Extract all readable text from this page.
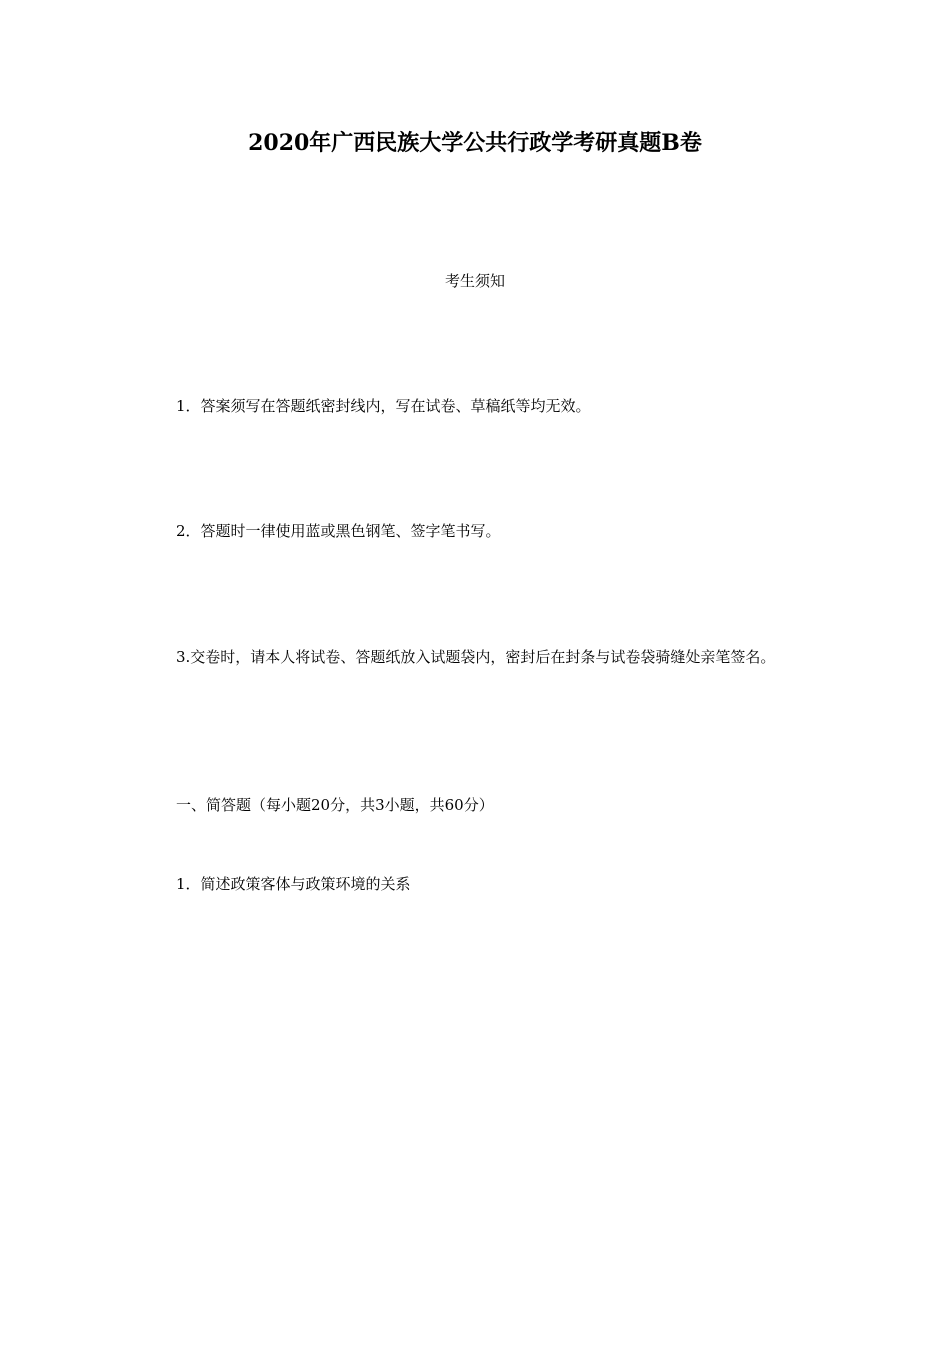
2020年广西民族大学公共行政学考研真题B卷
考生须知
1．答案须写在答题纸密封线内，写在试卷、草稿纸等均无效。
2．答题时一律使用蓝或黑色钢笔、签字笔书写。
3.交卷时，请本人将试卷、答题纸放入试题袋内，密封后在封条与试卷袋骑缝处亲笔签名。
一、简答题（每小题20分，共3小题，共60分）
1．简述政策客体与政策环境的关系
